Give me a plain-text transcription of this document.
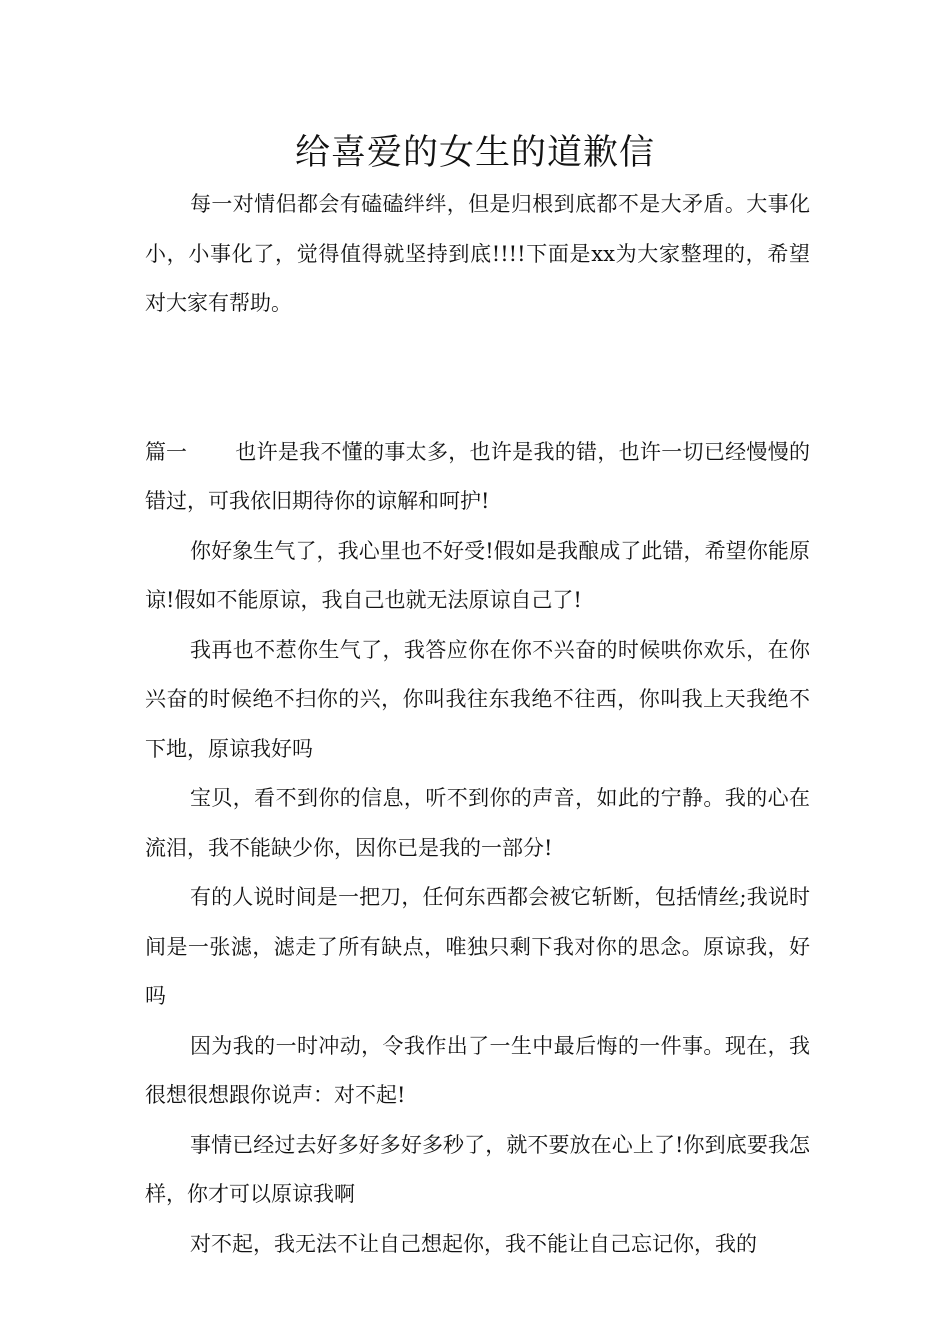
给喜爱的女生的道歉信

每一对情侣都会有磕磕绊绊，但是归根到底都不是大矛盾。大事化小，小事化了，觉得值得就坚持到底!!!!下面是xx为大家整理的，希望对大家有帮助。

篇一 也许是我不懂的事太多，也许是我的错，也许一切已经慢慢的错过，可我依旧期待你的谅解和呵护!

你好象生气了，我心里也不好受!假如是我酿成了此错，希望你能原谅!假如不能原谅，我自己也就无法原谅自己了!

我再也不惹你生气了，我答应你在你不兴奋的时候哄你欢乐，在你兴奋的时候绝不扫你的兴，你叫我往东我绝不往西，你叫我上天我绝不下地，原谅我好吗

宝贝，看不到你的信息，听不到你的声音，如此的宁静。我的心在流泪，我不能缺少你，因你已是我的一部分!

有的人说时间是一把刀，任何东西都会被它斩断，包括情丝;我说时间是一张滤，滤走了所有缺点，唯独只剩下我对你的思念。原谅我，好吗

因为我的一时冲动，令我作出了一生中最后悔的一件事。现在，我很想很想跟你说声：对不起!

事情已经过去好多好多好多秒了，就不要放在心上了!你到底要我怎样，你才可以原谅我啊

对不起，我无法不让自己想起你，我不能让自己忘记你，我的
